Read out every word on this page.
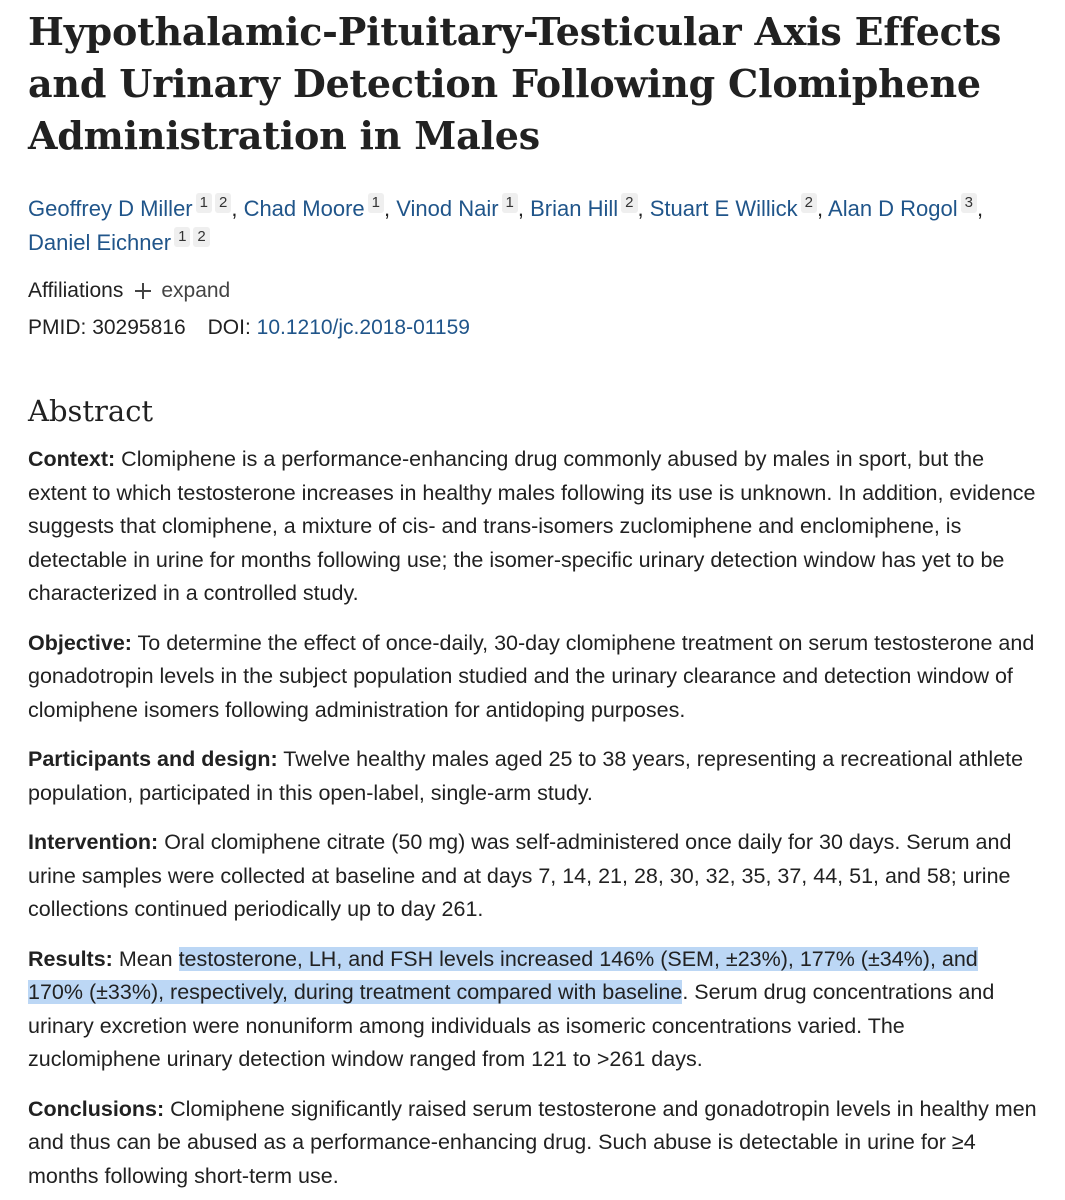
Hypothalamic-Pituitary-Testicular Axis Effects and Urinary Detection Following Clomiphene Administration in Males
Geoffrey D Miller 1 2 , Chad Moore 1 , Vinod Nair 1 , Brian Hill 2 , Stuart E Willick 2 , Alan D Rogol 3 ,
Daniel Eichner 1 2
Affiliations expand
PMID: 30295816 DOI: 10.1210/jc.2018-01159
Abstract

Context: Clomiphene is a performance-enhancing drug commonly abused by males in sport, but the extent to which testosterone increases in healthy males following its use is unknown. In addition, evidence suggests that clomiphene, a mixture of cis- and trans-isomers zuclomiphene and enclomiphene, is detectable in urine for months following use; the isomer-specific urinary detection window has yet to be characterized in a controlled study.

Objective: To determine the effect of once-daily, 30-day clomiphene treatment on serum testosterone and gonadotropin levels in the subject population studied and the urinary clearance and detection window of clomiphene isomers following administration for antidoping purposes.

Participants and design: Twelve healthy males aged 25 to 38 years, representing a recreational athlete population, participated in this open-label, single-arm study.

Intervention: Oral clomiphene citrate (50 mg) was self-administered once daily for 30 days. Serum and urine samples were collected at baseline and at days 7, 14, 21, 28, 30, 32, 35, 37, 44, 51, and 58; urine collections continued periodically up to day 261.

Results: Mean testosterone, LH, and FSH levels increased 146% (SEM, ±23%), 177% (±34%), and 170% (±33%), respectively, during treatment compared with baseline. Serum drug concentrations and urinary excretion were nonuniform among individuals as isomeric concentrations varied. The zuclomiphene urinary detection window ranged from 121 to >261 days.

Conclusions: Clomiphene significantly raised serum testosterone and gonadotropin levels in healthy men and thus can be abused as a performance-enhancing drug. Such abuse is detectable in urine for ≥4 months following short-term use.
